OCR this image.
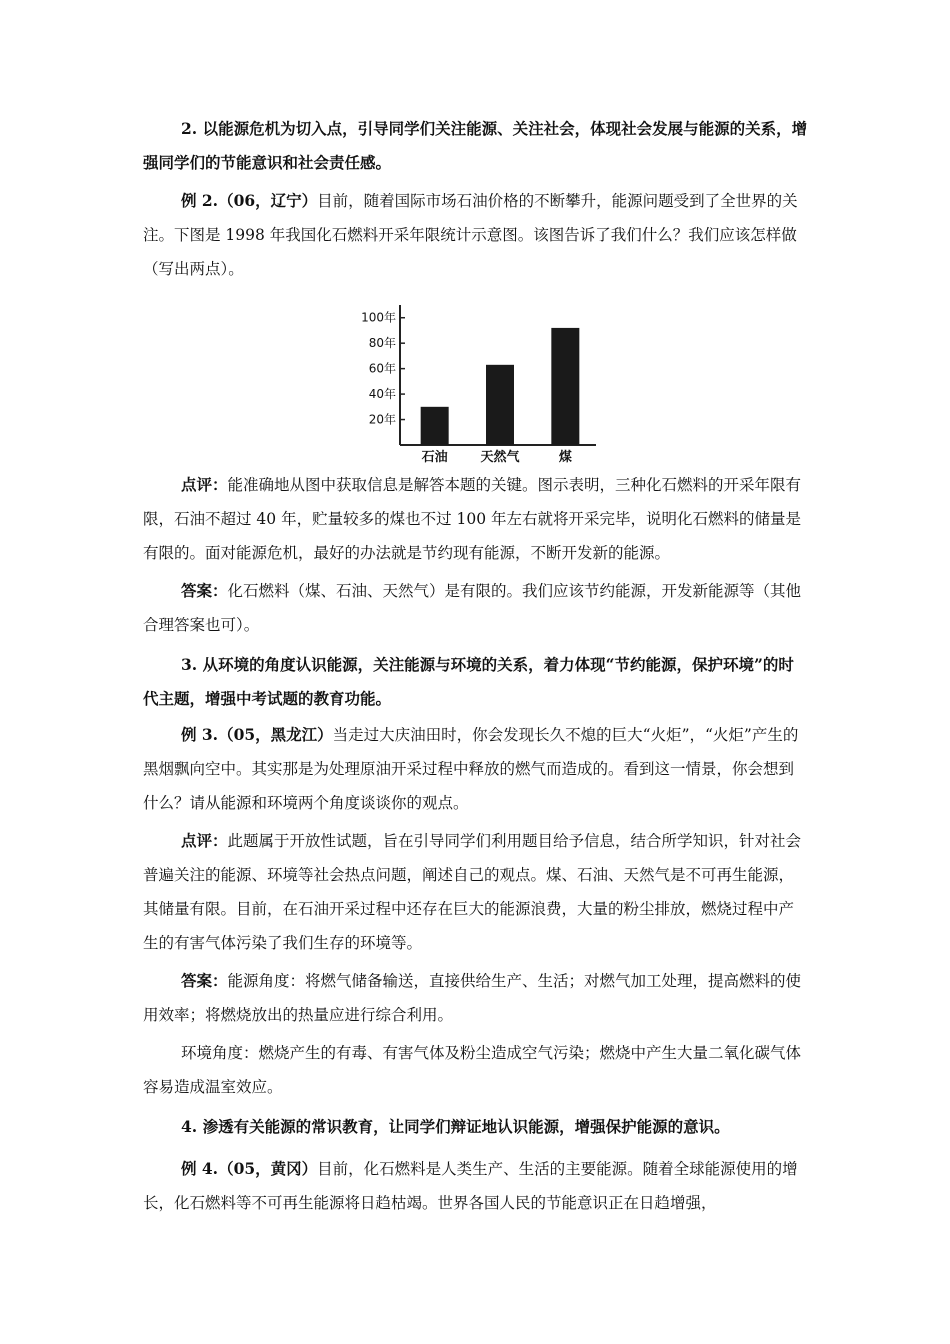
2. 以能源危机为切入点，引导同学们关注能源、关注社会，体现社会发展与能源的关系，增强同学们的节能意识和社会责任感。

例 2.（06，辽宁）目前，随着国际市场石油价格的不断攀升，能源问题受到了全世界的关注。下图是 1998 年我国化石燃料开采年限统计示意图。该图告诉了我们什么？我们应该怎样做（写出两点）。

20年
40年
60年
80年
100年
石油	天然气	煤

点评：能准确地从图中获取信息是解答本题的关键。图示表明，三种化石燃料的开采年限有限，石油不超过 40 年，贮量较多的煤也不过 100 年左右就将开采完毕，说明化石燃料的储量是有限的。面对能源危机，最好的办法就是节约现有能源，不断开发新的能源。

答案：化石燃料（煤、石油、天然气）是有限的。我们应该节约能源，开发新能源等（其他合理答案也可）。

3. 从环境的角度认识能源，关注能源与环境的关系，着力体现“节约能源，保护环境”的时代主题，增强中考试题的教育功能。

例 3.（05，黑龙江）当走过大庆油田时，你会发现长久不熄的巨大“火炬”，“火炬”产生的黑烟飘向空中。其实那是为处理原油开采过程中释放的燃气而造成的。看到这一情景，你会想到什么？请从能源和环境两个角度谈谈你的观点。

点评：此题属于开放性试题，旨在引导同学们利用题目给予信息，结合所学知识，针对社会普遍关注的能源、环境等社会热点问题，阐述自己的观点。煤、石油、天然气是不可再生能源，其储量有限。目前，在石油开采过程中还存在巨大的能源浪费，大量的粉尘排放，燃烧过程中产生的有害气体污染了我们生存的环境等。

答案：能源角度：将燃气储备输送，直接供给生产、生活；对燃气加工处理，提高燃料的使用效率；将燃烧放出的热量应进行综合利用。

环境角度：燃烧产生的有毒、有害气体及粉尘造成空气污染；燃烧中产生大量二氧化碳气体容易造成温室效应。

4. 渗透有关能源的常识教育，让同学们辩证地认识能源，增强保护能源的意识。

例 4.（05，黄冈）目前，化石燃料是人类生产、生活的主要能源。随着全球能源使用的增长，化石燃料等不可再生能源将日趋枯竭。世界各国人民的节能意识正在日趋增强，
